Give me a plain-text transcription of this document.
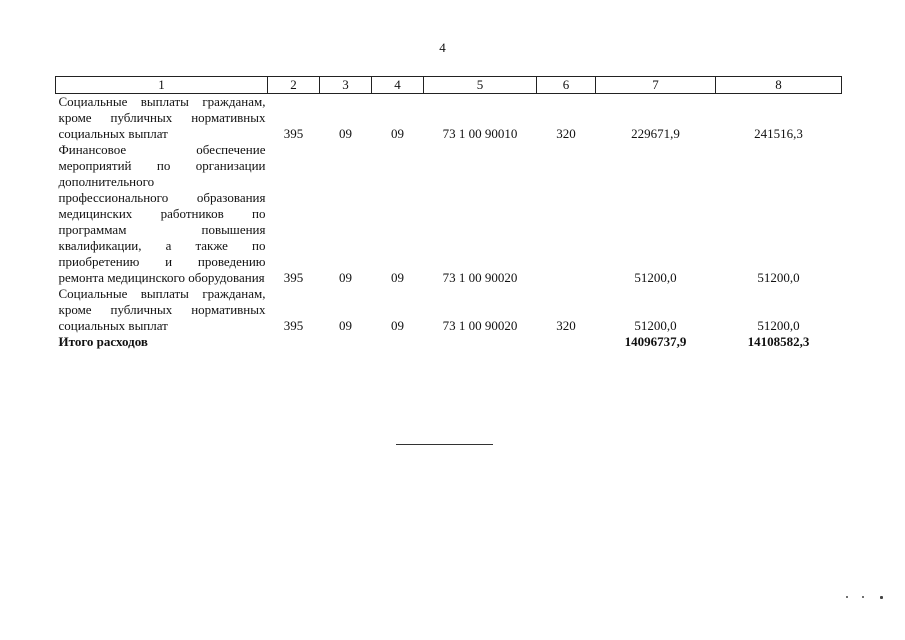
4
1	2	3	4	5	6	7	8
Социальные выплаты гражданам, кроме публичных нормативных социальных выплат	395	09	09	73 1 00 90010	320	229671,9	241516,3
Финансовое обеспечение мероприятий по организации дополнительного профессионального образования медицинских работников по программам повышения квалификации, а также по приобретению и проведению ремонта медицинского оборудования	395	09	09	73 1 00 90020		51200,0	51200,0
Социальные выплаты гражданам, кроме публичных нормативных социальных выплат	395	09	09	73 1 00 90020	320	51200,0	51200,0
Итого расходов						14096737,9	14108582,3
